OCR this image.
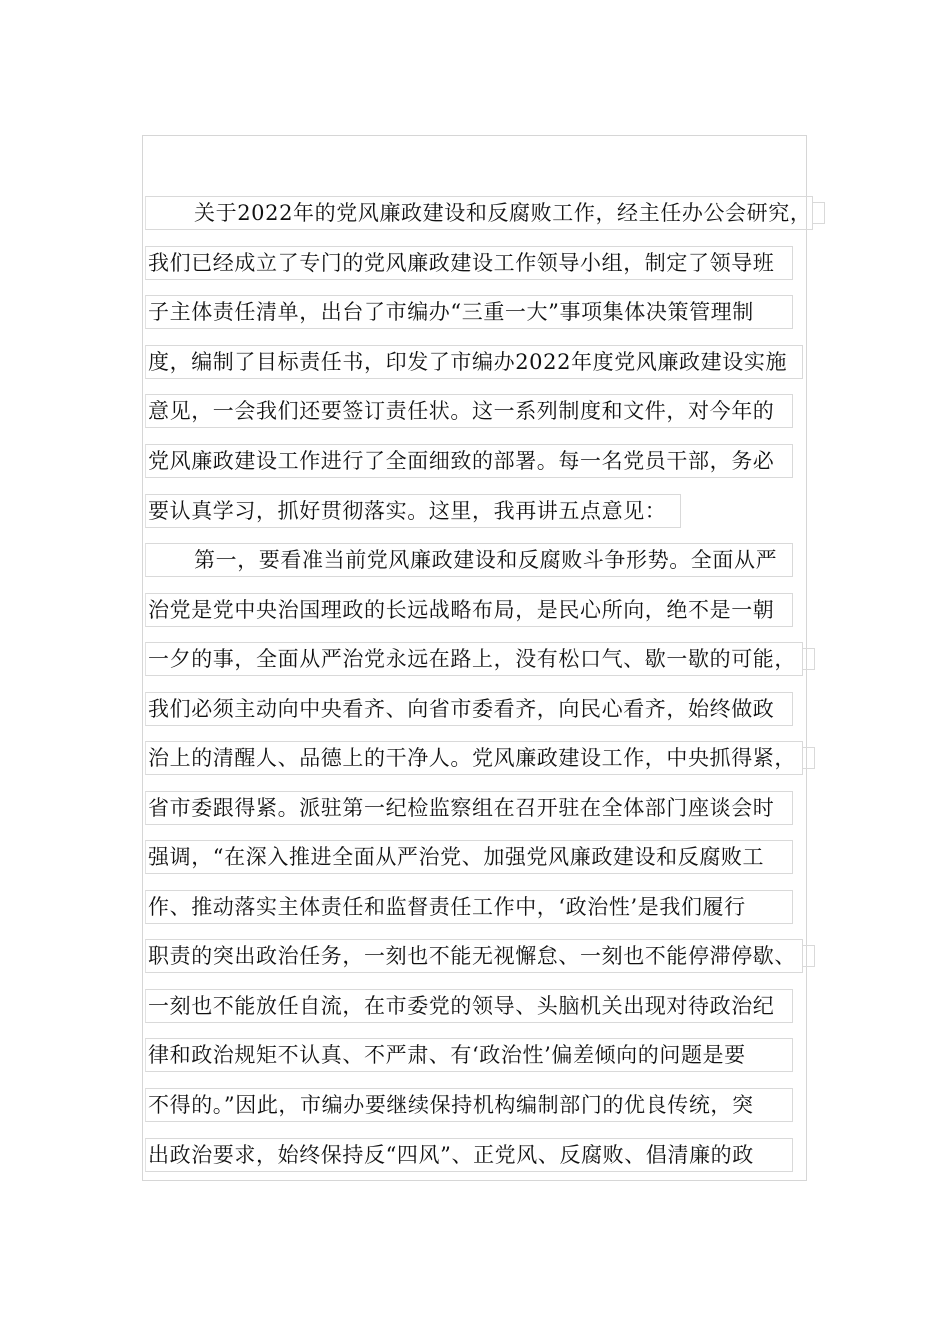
关于2022年的党风廉政建设和反腐败工作，经主任办公会研究，
我们已经成立了专门的党风廉政建设工作领导小组，制定了领导班
子主体责任清单，出台了市编办“三重一大”事项集体决策管理制
度，编制了目标责任书，印发了市编办2022年度党风廉政建设实施
意见，一会我们还要签订责任状。这一系列制度和文件，对今年的
党风廉政建设工作进行了全面细致的部署。每一名党员干部，务必
要认真学习，抓好贯彻落实。这里，我再讲五点意见：
第一，要看准当前党风廉政建设和反腐败斗争形势。全面从严
治党是党中央治国理政的长远战略布局，是民心所向，绝不是一朝
一夕的事，全面从严治党永远在路上，没有松口气、歇一歇的可能，
我们必须主动向中央看齐、向省市委看齐，向民心看齐，始终做政
治上的清醒人、品德上的干净人。党风廉政建设工作，中央抓得紧，
省市委跟得紧。派驻第一纪检监察组在召开驻在全体部门座谈会时
强调，“在深入推进全面从严治党、加强党风廉政建设和反腐败工
作、推动落实主体责任和监督责任工作中，‘政治性’是我们履行
职责的突出政治任务，一刻也不能无视懈怠、一刻也不能停滞停歇、
一刻也不能放任自流，在市委党的领导、头脑机关出现对待政治纪
律和政治规矩不认真、不严肃、有‘政治性’偏差倾向的问题是要
不得的。”因此，市编办要继续保持机构编制部门的优良传统，突
出政治要求，始终保持反“四风”、正党风、反腐败、倡清廉的政
